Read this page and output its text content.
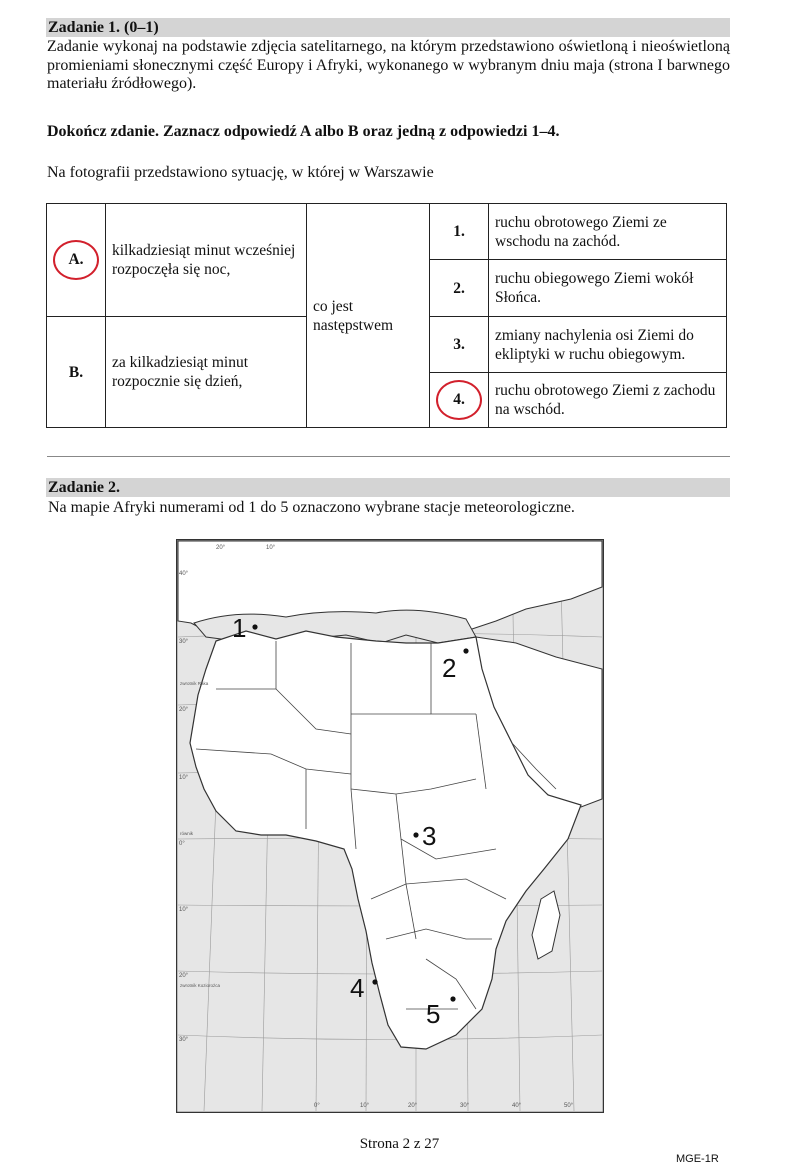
Zadanie 1. (0–1)
Zadanie wykonaj na podstawie zdjęcia satelitarnego, na którym przedstawiono oświetloną i nieoświetloną promieniami słonecznymi część Europy i Afryki, wykonanego w wybranym dniu maja (strona I barwnego materiału źródłowego).
Dokończ zdanie. Zaznacz odpowiedź A albo B oraz jedną z odpowiedzi 1–4.
Na fotografii przedstawiono sytuację, w której w Warszawie
A.	kilkadziesiąt minut wcześniej rozpoczęła się noc,	co jest następstwem	1.	ruchu obrotowego Ziemi ze wschodu na zachód.
			2.	ruchu obiegowego Ziemi wokół Słońca.
B.	za kilkadziesiąt minut rozpocznie się dzień,		3.	zmiany nachylenia osi Ziemi do ekliptyki w ruchu obiegowym.
			4.	ruchu obrotowego Ziemi z zachodu na wschód.
Zadanie 2.
Na mapie Afryki numerami od 1 do 5 oznaczono wybrane stacje meteorologiczne.
40°
30°
20°
10°
0°
10°
20°
30°
20°	10°
0°	10°	20°	30°	40°	50°
zwrotnik Raka
równik
zwrotnik Koziorożca
1
2
3
4
5
Strona 2 z 27
MGE-1R
